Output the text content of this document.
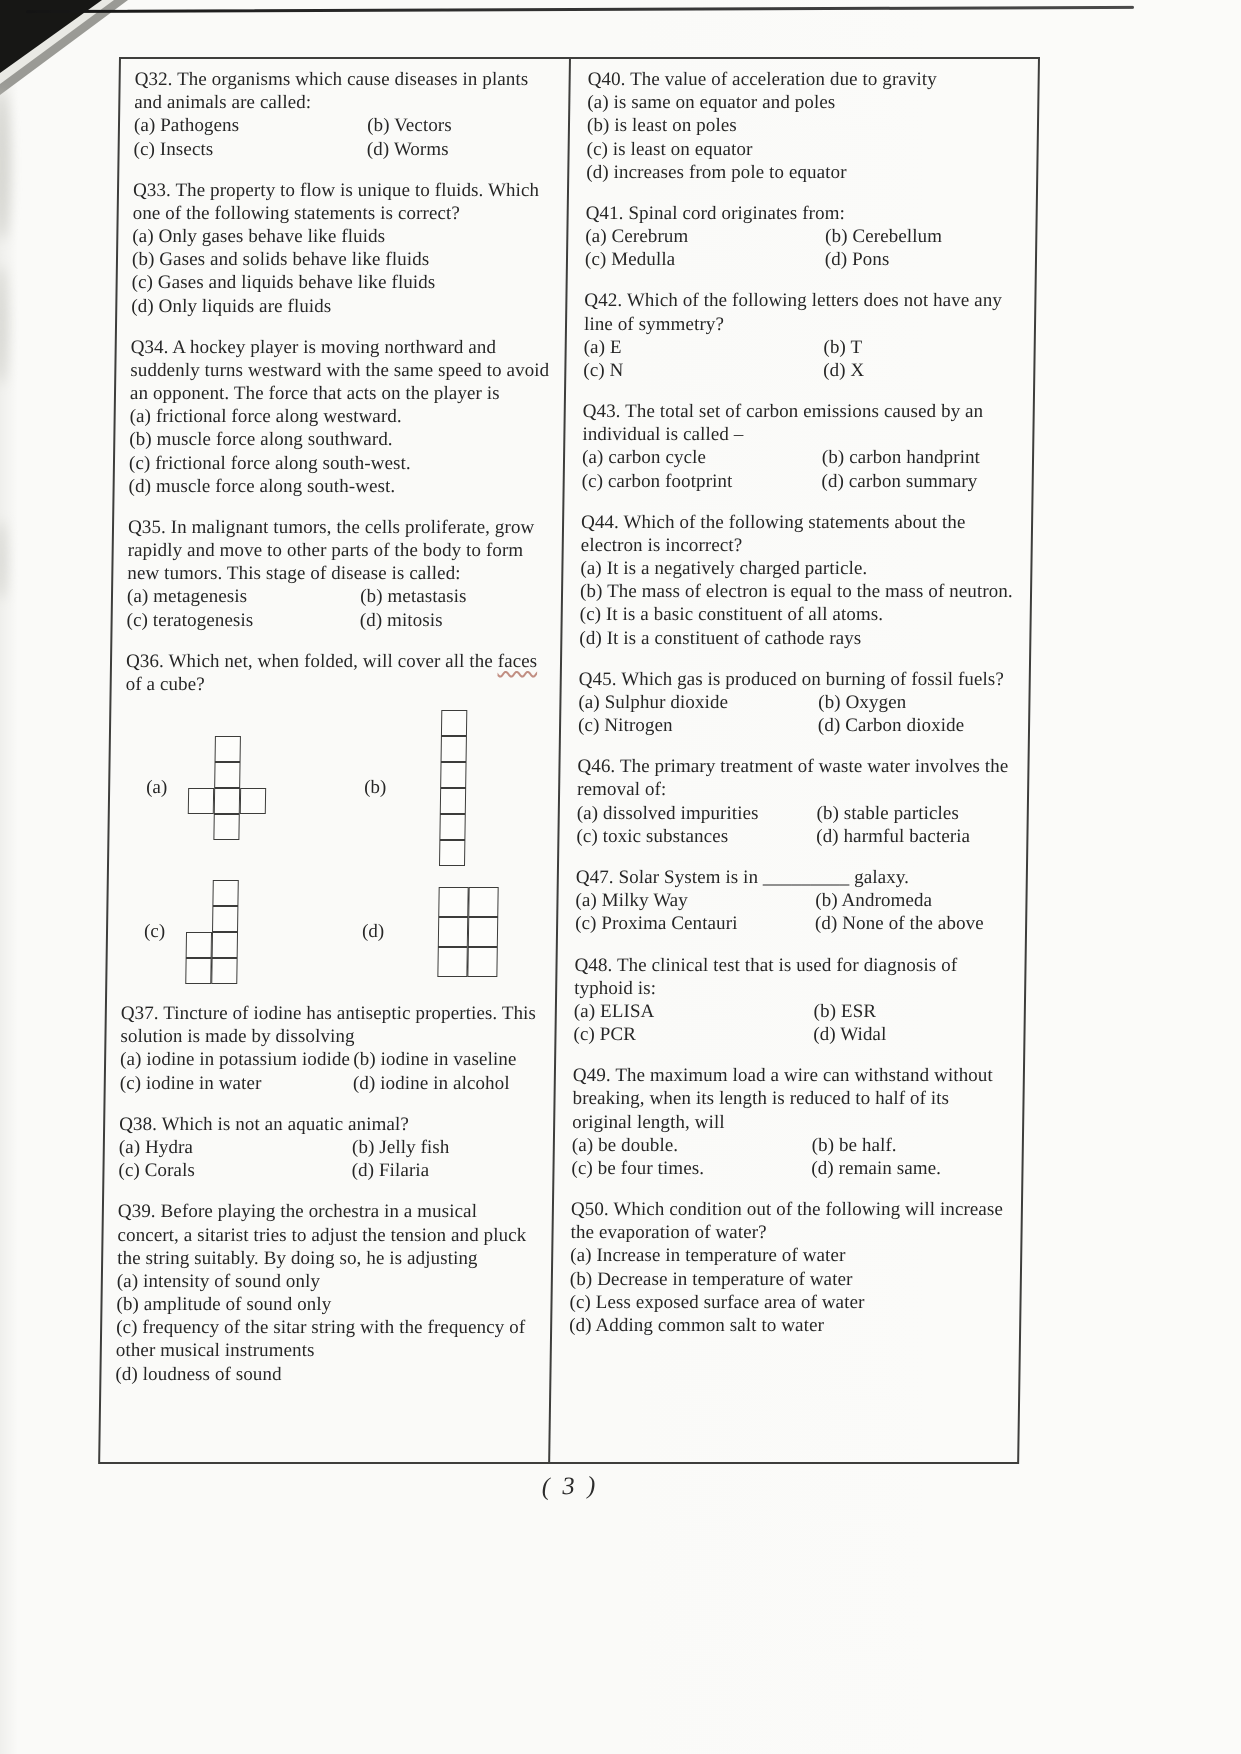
Q32. The organisms which cause diseases in plants and animals are called:

(a) Pathogens	(b) Vectors
(c) Insects	(d) Worms

Q33. The property to flow is unique to fluids. Which one of the following statements is correct?

(a) Only gases behave like fluids
(b) Gases and solids behave like fluids
(c) Gases and liquids behave like fluids
(d) Only liquids are fluids

Q34. A hockey player is moving northward and suddenly turns westward with the same speed to avoid an opponent. The force that acts on the player is

(a) frictional force along westward.
(b) muscle force along southward.
(c) frictional force along south-west.
(d) muscle force along south-west.

Q35. In malignant tumors, the cells proliferate, grow rapidly and move to other parts of the body to form new tumors. This stage of disease is called:

(a) metagenesis	(b) metastasis
(c) teratogenesis	(d) mitosis

Q36. Which net, when folded, will cover all the faces of a cube?

(a)	(b)
(c)	(d)

Q37. Tincture of iodine has antiseptic properties. This solution is made by dissolving

(a) iodine in potassium iodide (b) iodine in vaseline
(c) iodine in water	(d) iodine in alcohol

Q38. Which is not an aquatic animal?

(a) Hydra	(b) Jelly fish
(c) Corals	(d) Filaria

Q39. Before playing the orchestra in a musical concert, a sitarist tries to adjust the tension and pluck the string suitably. By doing so, he is adjusting

(a) intensity of sound only
(b) amplitude of sound only
(c) frequency of the sitar string with the frequency of other musical instruments
(d) loudness of sound

Q40. The value of acceleration due to gravity

(a) is same on equator and poles
(b) is least on poles
(c) is least on equator
(d) increases from pole to equator

Q41. Spinal cord originates from:

(a) Cerebrum	(b) Cerebellum
(c) Medulla	(d) Pons

Q42. Which of the following letters does not have any line of symmetry?

(a) E	(b) T
(c) N	(d) X

Q43. The total set of carbon emissions caused by an individual is called –

(a) carbon cycle	(b) carbon handprint
(c) carbon footprint	(d) carbon summary

Q44. Which of the following statements about the electron is incorrect?

(a) It is a negatively charged particle.
(b) The mass of electron is equal to the mass of neutron.
(c) It is a basic constituent of all atoms.
(d) It is a constituent of cathode rays

Q45. Which gas is produced on burning of fossil fuels?

(a) Sulphur dioxide	(b) Oxygen
(c) Nitrogen	(d) Carbon dioxide

Q46. The primary treatment of waste water involves the removal of:

(a) dissolved impurities	(b) stable particles
(c) toxic substances	(d) harmful bacteria

Q47. Solar System is in _________ galaxy.

(a) Milky Way	(b) Andromeda
(c) Proxima Centauri	(d) None of the above

Q48. The clinical test that is used for diagnosis of typhoid is:

(a) ELISA	(b) ESR
(c) PCR	(d) Widal

Q49. The maximum load a wire can withstand without breaking, when its length is reduced to half of its original length, will

(a) be double.	(b) be half.
(c) be four times.	(d) remain same.

Q50. Which condition out of the following will increase the evaporation of water?

(a) Increase in temperature of water
(b) Decrease in temperature of water
(c) Less exposed surface area of water
(d) Adding common salt to water
( 3 )
